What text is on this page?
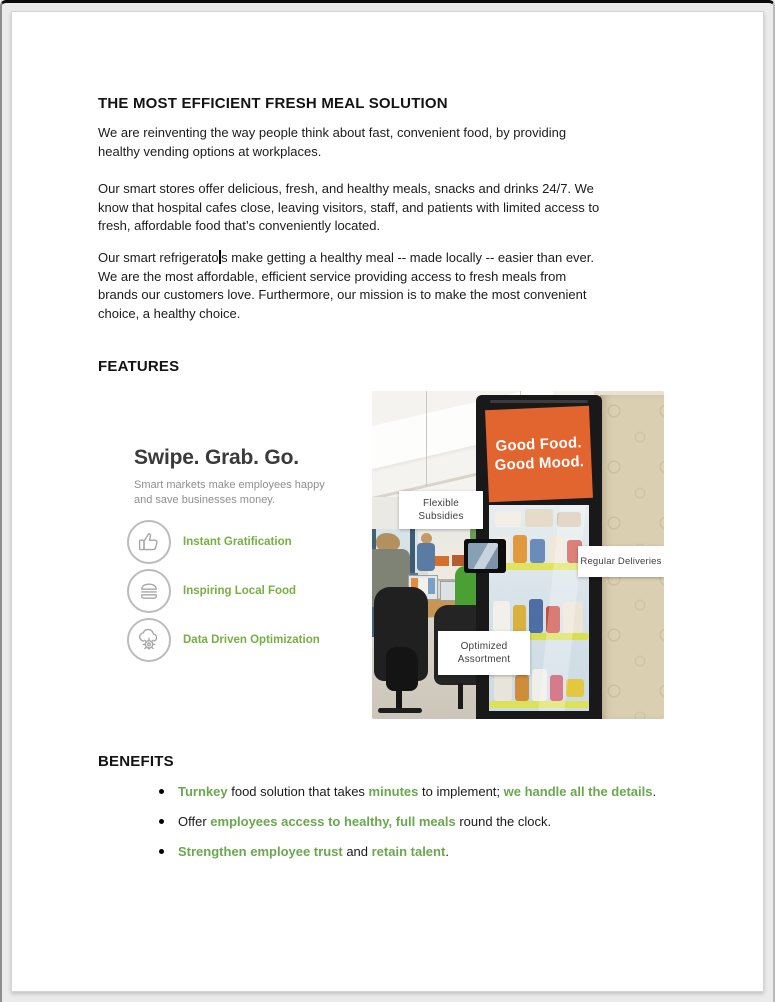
THE MOST EFFICIENT FRESH MEAL SOLUTION
We are reinventing the way people think about fast, convenient food, by providing
healthy vending options at workplaces.
Our smart stores offer delicious, fresh, and healthy meals, snacks and drinks 24/7. We
know that hospital cafes close, leaving visitors, staff, and patients with limited access to
fresh, affordable food that’s conveniently located.
Our smart refrigerato s make getting a healthy meal -- made locally -- easier than ever.
We are the most affordable, efficient service providing access to fresh meals from
brands our customers love. Furthermore, our mission is to make the most convenient
choice, a healthy choice.
FEATURES
Swipe. Grab. Go.
Smart markets make employees happy and save businesses money.
Instant Gratification
Inspiring Local Food
Data Driven Optimization
Good Food.
Good Mood.
Flexible Subsidies
Regular Deliveries
Optimized Assortment
BENEFITS
Turnkey food solution that takes minutes to implement; we handle all the details.
Offer employees access to healthy, full meals round the clock.
Strengthen employee trust and retain talent.
